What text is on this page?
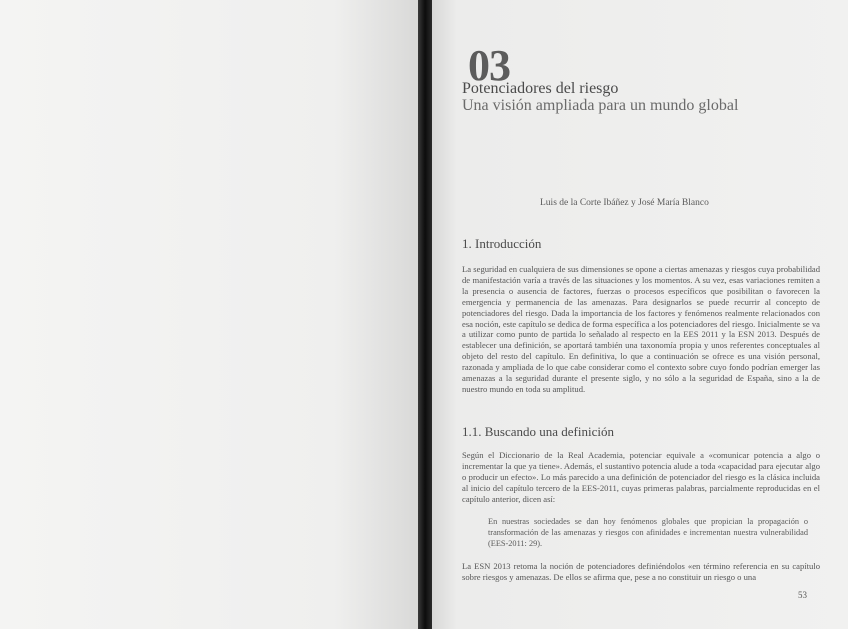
03
Potenciadores del riesgo
Una visión ampliada para un mundo global
Luis de la Corte Ibáñez y José María Blanco
1. Introducción

La seguridad en cualquiera de sus dimensiones se opone a ciertas amenazas y riesgos cuya probabilidad de manifestación varía a través de las situaciones y los momentos. A su vez, esas variaciones remiten a la presencia o ausencia de factores, fuerzas o procesos específicos que posibilitan o favorecen la emergencia y permanencia de las amenazas. Para designarlos se puede recurrir al concepto de potenciadores del riesgo. Dada la importancia de los factores y fenómenos realmente relacionados con esa noción, este capítulo se dedica de forma específica a los potenciadores del riesgo. Inicialmente se va a utilizar como punto de partida lo señalado al respecto en la EES 2011 y la ESN 2013. Después de establecer una definición, se aportará también una taxonomía propia y unos referentes conceptuales al objeto del resto del capítulo. En definitiva, lo que a continuación se ofrece es una visión personal, razonada y ampliada de lo que cabe considerar como el contexto sobre cuyo fondo podrían emerger las amenazas a la seguridad durante el presente siglo, y no sólo a la seguridad de España, sino a la de nuestro mundo en toda su amplitud.

1.1. Buscando una definición

Según el Diccionario de la Real Academia, potenciar equivale a «comunicar potencia a algo o incrementar la que ya tiene». Además, el sustantivo potencia alude a toda «capacidad para ejecutar algo o producir un efecto». Lo más parecido a una definición de potenciador del riesgo es la clásica incluida al inicio del capítulo tercero de la EES-2011, cuyas primeras palabras, parcialmente reproducidas en el capítulo anterior, dicen así:

En nuestras sociedades se dan hoy fenómenos globales que propician la propagación o transformación de las amenazas y riesgos con afinidades e incrementan nuestra vulnerabilidad (EES-2011: 29).

La ESN 2013 retoma la noción de potenciadores definiéndolos «en término referencia en su capítulo sobre riesgos y amenazas. De ellos se afirma que, pese a no constituir un riesgo o una

53
